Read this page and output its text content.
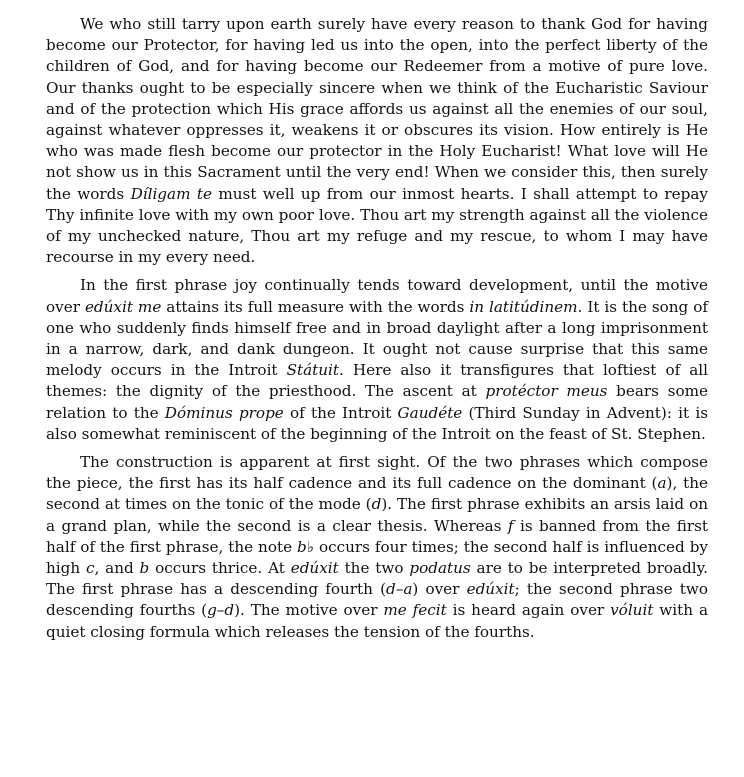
We who still tarry upon earth surely have every reason to thank God for having become our Protector, for having led us into the open, into the perfect liberty of the children of God, and for having become our Redeemer from a motive of pure love. Our thanks ought to be especially sincere when we think of the Eucharistic Saviour and of the protection which His grace affords us against all the enemies of our soul, against whatever oppresses it, weakens it or obscures its vision. How entirely is He who was made flesh become our protector in the Holy Eucharist! What love will He not show us in this Sacrament until the very end! When we consider this, then surely the words Díligam te must well up from our inmost hearts. I shall attempt to repay Thy infinite love with my own poor love. Thou art my strength against all the violence of my unchecked nature, Thou art my refuge and my rescue, to whom I may have recourse in my every need.

In the first phrase joy continually tends toward development, until the motive over edúxit me attains its full measure with the words in latitúdinem. It is the song of one who suddenly finds himself free and in broad daylight after a long imprisonment in a narrow, dark, and dank dungeon. It ought not cause surprise that this same melody occurs in the Introit Státuit. Here also it transfigures that loftiest of all themes: the dignity of the priesthood. The ascent at protéctor meus bears some relation to the Dóminus prope of the Introit Gaudéte (Third Sunday in Advent): it is also somewhat reminiscent of the beginning of the Introit on the feast of St. Stephen.

The construction is apparent at first sight. Of the two phrases which compose the piece, the first has its half cadence and its full cadence on the dominant (a), the second at times on the tonic of the mode (d). The first phrase exhibits an arsis laid on a grand plan, while the second is a clear thesis. Whereas f is banned from the first half of the first phrase, the note b♭ occurs four times; the second half is influenced by high c, and b occurs thrice. At edúxit the two podatus are to be interpreted broadly. The first phrase has a descending fourth (d–a) over edúxit; the second phrase two descending fourths (g–d). The motive over me fecit is heard again over vóluit with a quiet closing formula which releases the tension of the fourths.
